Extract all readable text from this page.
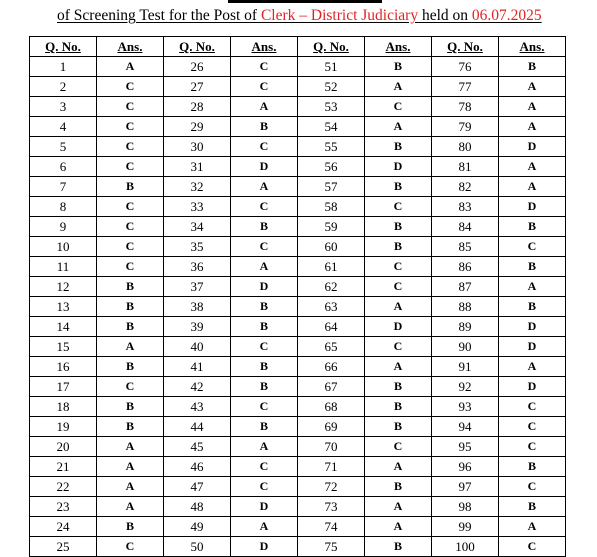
of Screening Test for the Post of Clerk – District Judiciary held on 06.07.2025
Q. No.	Ans.	Q. No.	Ans.	Q. No.	Ans.	Q. No.	Ans.
1	A	26	C	51	B	76	B
2	C	27	C	52	A	77	A
3	C	28	A	53	C	78	A
4	C	29	B	54	A	79	A
5	C	30	C	55	B	80	D
6	C	31	D	56	D	81	A
7	B	32	A	57	B	82	A
8	C	33	C	58	C	83	D
9	C	34	B	59	B	84	B
10	C	35	C	60	B	85	C
11	C	36	A	61	C	86	B
12	B	37	D	62	C	87	A
13	B	38	B	63	A	88	B
14	B	39	B	64	D	89	D
15	A	40	C	65	C	90	D
16	B	41	B	66	A	91	A
17	C	42	B	67	B	92	D
18	B	43	C	68	B	93	C
19	B	44	B	69	B	94	C
20	A	45	A	70	C	95	C
21	A	46	C	71	A	96	B
22	A	47	C	72	B	97	C
23	A	48	D	73	A	98	B
24	B	49	A	74	A	99	A
25	C	50	D	75	B	100	C
